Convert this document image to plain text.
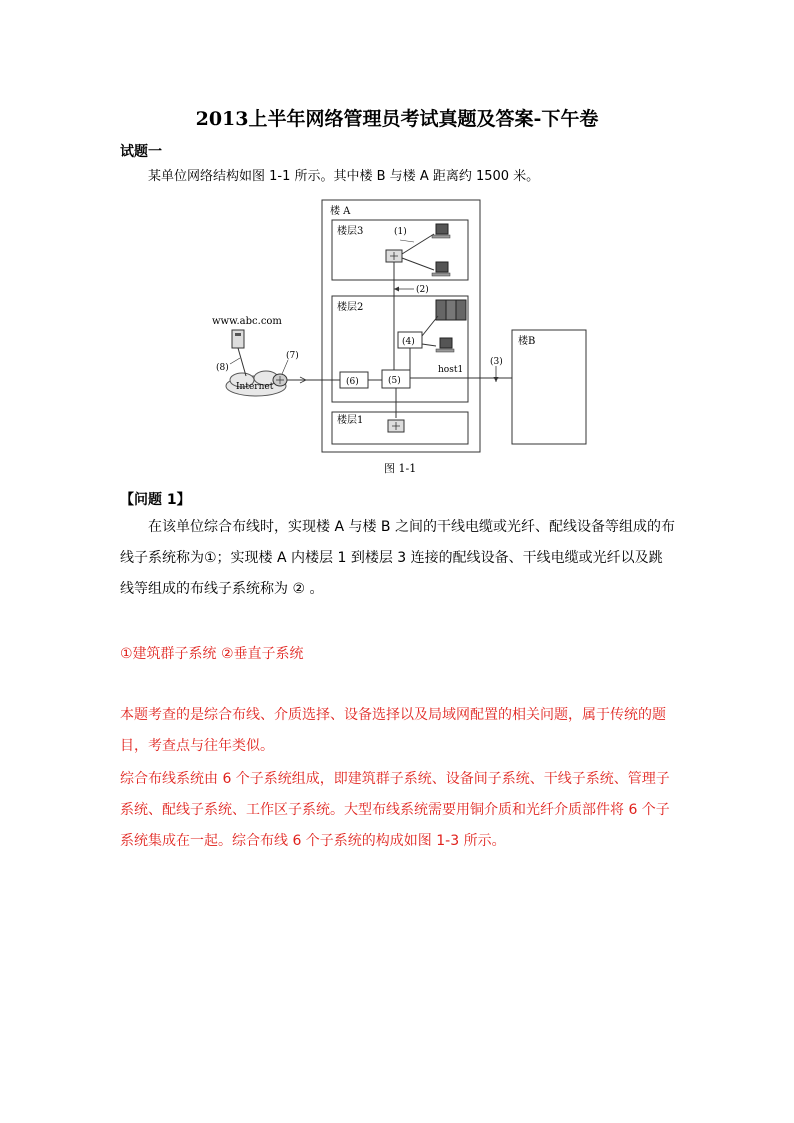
2013上半年网络管理员考试真题及答案-下午卷
试题一
某单位网络结构如图 1-1 所示。其中楼 B 与楼 A 距离约 1500 米。
楼 A
楼层3
楼层2
楼层1
(1)
(2)
host1
(4)
(5)
(6)
(3)
楼B
Internet
(7)
www.abc.com
(8)
图 1-1
【问题 1】
在该单位综合布线时，实现楼 A 与楼 B 之间的干线电缆或光纤、配线设备等组成的布线子系统称为①；实现楼 A 内楼层 1 到楼层 3 连接的配线设备、干线电缆或光纤以及跳线等组成的布线子系统称为 ② 。
①建筑群子系统 ②垂直子系统
本题考查的是综合布线、介质选择、设备选择以及局域网配置的相关问题，属于传统的题目，考查点与往年类似。
综合布线系统由 6 个子系统组成，即建筑群子系统、设备间子系统、干线子系统、管理子系统、配线子系统、工作区子系统。大型布线系统需要用铜介质和光纤介质部件将 6 个子系统集成在一起。综合布线 6 个子系统的构成如图 1-3 所示。
